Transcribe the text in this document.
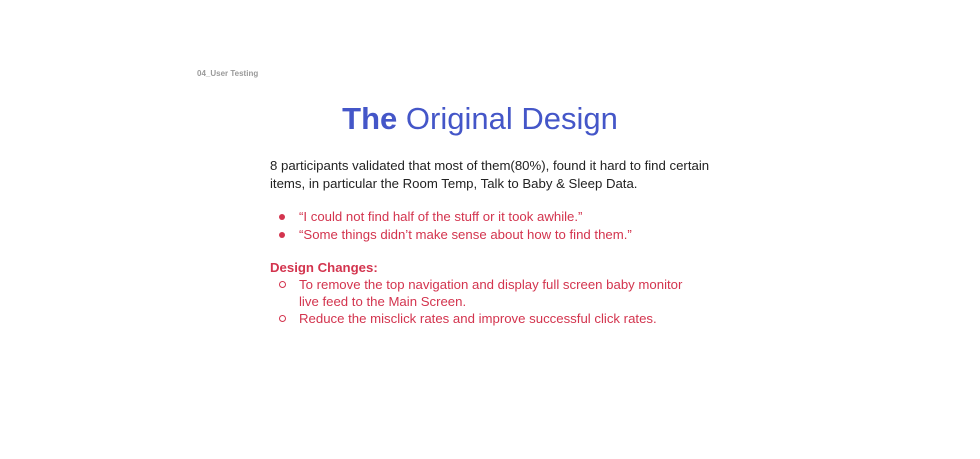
04_User Testing
The Original Design
8 participants validated that most of them(80%), found it hard to find certain items, in particular the Room Temp, Talk to Baby & Sleep Data.
“I could not find half of the stuff or it took awhile.”
“Some things didn’t make sense about how to find them.”
Design Changes:
To remove the top navigation and display full screen baby monitor live feed to the Main Screen.
Reduce the misclick rates and improve successful click rates.
